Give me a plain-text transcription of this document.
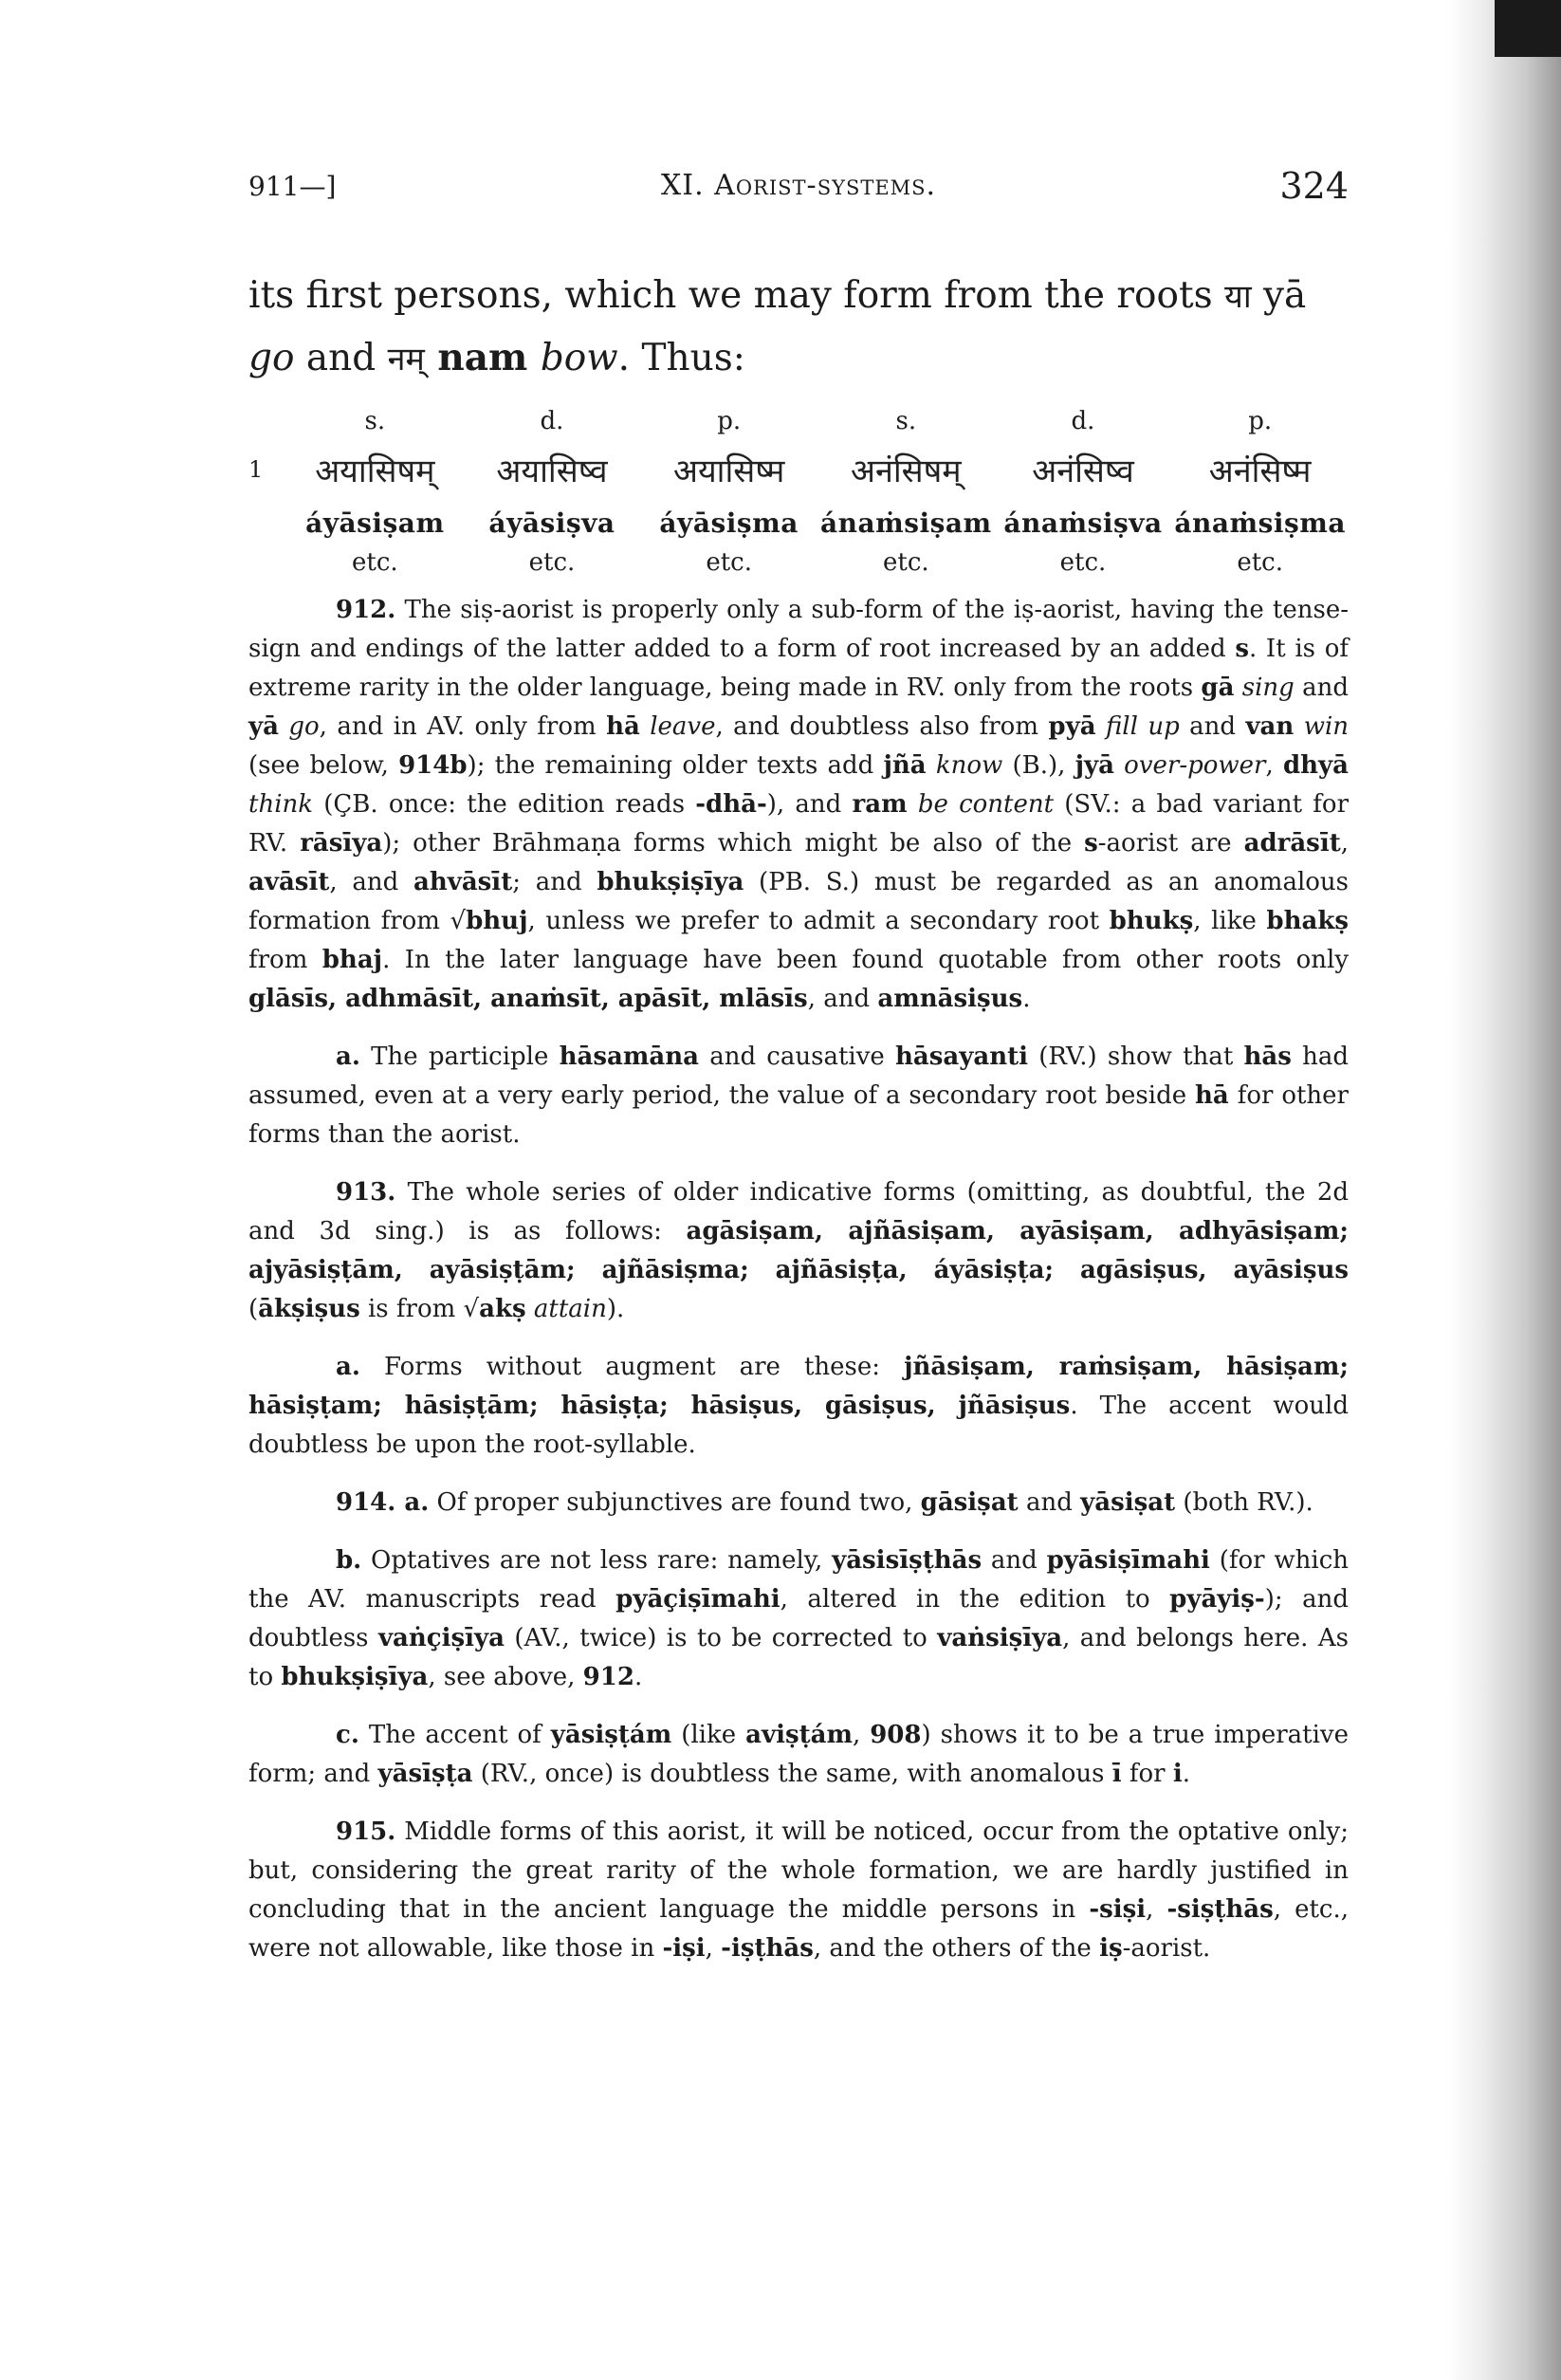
911—]	XI. Aorist-systems.	324
its first persons, which we may form from the roots या yā
go and नम् nam bow. Thus:
1
s.	d.	p.	s.	d.	p.
अयासिषम्	अयासिष्व	अयासिष्म	अनंसिषम्	अनंसिष्व	अनंसिष्म
áyāsiṣam	áyāsiṣva	áyāsiṣma ánaṁsiṣam ánaṁsiṣva ánaṁsiṣma
etc.	etc.	etc.	etc.	etc.	etc.

912. The siṣ-aorist is properly only a sub-form of the iṣ-aorist, having the tense-sign and endings of the latter added to a form of root increased by an added s. It is of extreme rarity in the older language, being made in RV. only from the roots gā sing and yā go, and in AV. only from hā leave, and doubtless also from pyā fill up and van win (see below, 914b); the remaining older texts add jñā know (B.), jyā over-power, dhyā think (ÇB. once: the edition reads -dhā-), and ram be content (SV.: a bad variant for RV. rāsīya); other Brāhmaṇa forms which might be also of the s-aorist are adrāsīt, avāsīt, and ahvāsīt; and bhukṣiṣīya (PB. S.) must be regarded as an anomalous formation from √bhuj, unless we prefer to admit a secondary root bhukṣ, like bhakṣ from bhaj. In the later language have been found quotable from other roots only glāsīs, adhmāsīt, anaṁsīt, apāsīt, mlāsīs, and amnāsiṣus.

a. The participle hāsamāna and causative hāsayanti (RV.) show that hās had assumed, even at a very early period, the value of a secondary root beside hā for other forms than the aorist.

913. The whole series of older indicative forms (omitting, as doubtful, the 2d and 3d sing.) is as follows: agāsiṣam, ajñāsiṣam, ayāsiṣam, adhyāsiṣam; ajyāsiṣṭām, ayāsiṣṭām; ajñāsiṣma; ajñāsiṣṭa, áyāsiṣṭa; agāsiṣus, ayāsiṣus (ākṣiṣus is from √akṣ attain).

a. Forms without augment are these: jñāsiṣam, raṁsiṣam, hāsiṣam; hāsiṣṭam; hāsiṣṭām; hāsiṣṭa; hāsiṣus, gāsiṣus, jñāsiṣus. The accent would doubtless be upon the root-syllable.

914. a. Of proper subjunctives are found two, gāsiṣat and yāsiṣat (both RV.).

b. Optatives are not less rare: namely, yāsisīṣṭhās and pyāsiṣīmahi (for which the AV. manuscripts read pyāçiṣīmahi, altered in the edition to pyāyiṣ-); and doubtless vaṅçiṣīya (AV., twice) is to be corrected to vaṅsiṣīya, and belongs here. As to bhukṣiṣīya, see above, 912.

c. The accent of yāsiṣṭám (like aviṣṭám, 908) shows it to be a true imperative form; and yāsīṣṭa (RV., once) is doubtless the same, with anomalous ī for i.

915. Middle forms of this aorist, it will be noticed, occur from the optative only; but, considering the great rarity of the whole formation, we are hardly justified in concluding that in the ancient language the middle persons in -siṣi, -siṣṭhās, etc., were not allowable, like those in -iṣi, -iṣṭhās, and the others of the iṣ-aorist.
